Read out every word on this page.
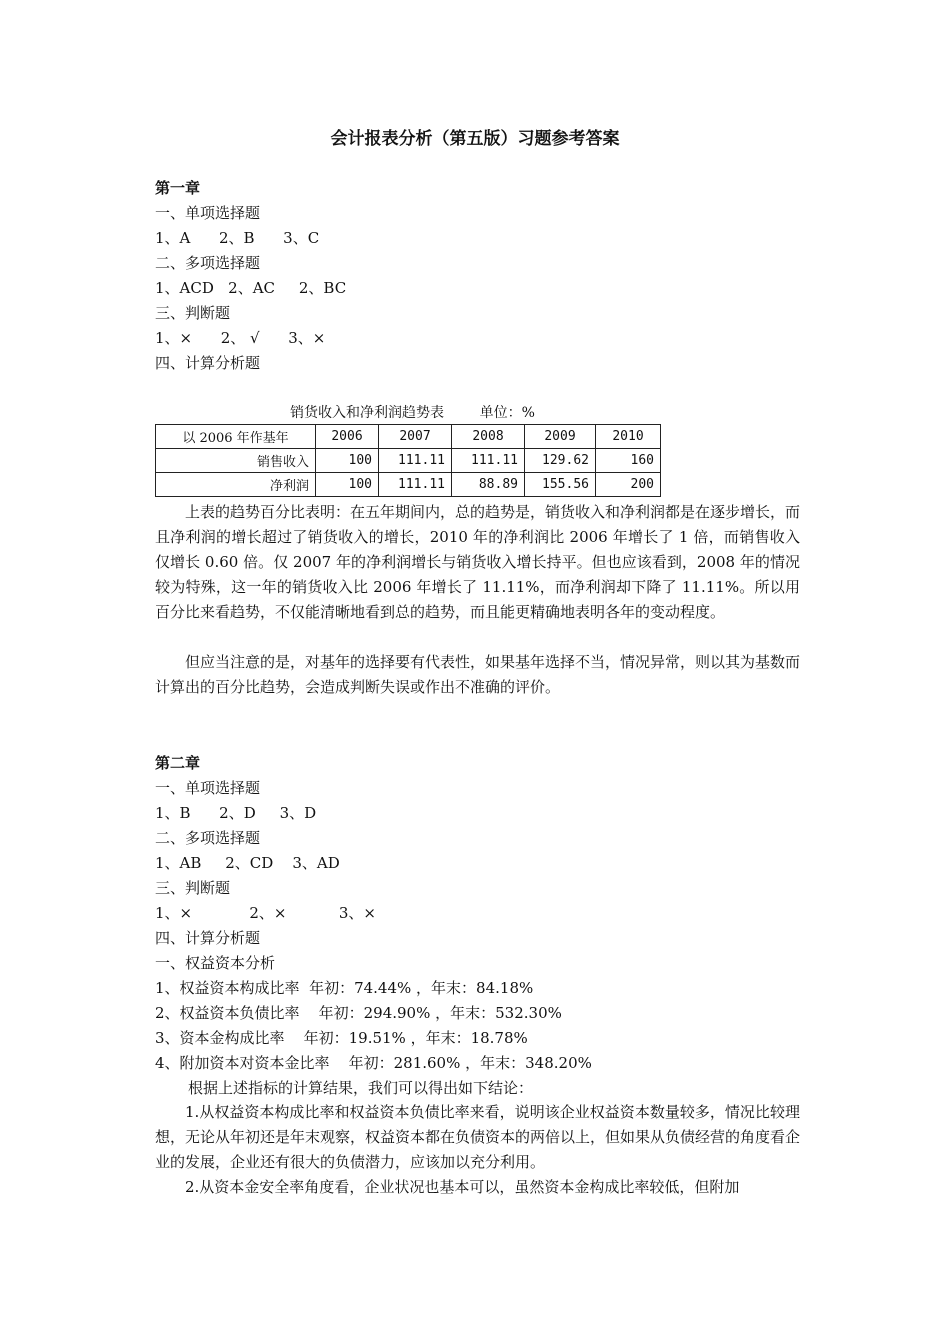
会计报表分析（第五版）习题参考答案
第一章
一、单项选择题
1、A      2、B      3、C
二、多项选择题
1、ACD   2、AC     2、BC
三、判断题
1、×      2、 √      3、×
四、计算分析题
销货收入和净利润趋势表        单位：%
以 2006 年作基年	2006	2007	2008	2009	2010
销售收入	100	111.11	111.11	129.62	160
净利润	100	111.11	88.89	155.56	200
上表的趋势百分比表明：在五年期间内，总的趋势是，销货收入和净利润都是在逐步增长，而且净利润的增长超过了销货收入的增长，2010 年的净利润比 2006 年增长了 1 倍，而销售收入仅增长 0.60 倍。仅 2007 年的净利润增长与销货收入增长持平。但也应该看到，2008 年的情况较为特殊，这一年的销货收入比 2006 年增长了 11.11%，而净利润却下降了 11.11%。所以用百分比来看趋势，不仅能清晰地看到总的趋势，而且能更精确地表明各年的变动程度。
但应当注意的是，对基年的选择要有代表性，如果基年选择不当，情况异常，则以其为基数而计算出的百分比趋势，会造成判断失误或作出不准确的评价。
第二章
一、单项选择题
1、B      2、D     3、D
二、多项选择题
1、AB     2、CD    3、AD
三、判断题
1、×            2、×           3、×
四、计算分析题
一、权益资本分析
1、权益资本构成比率  年初：74.44% ，年末：84.18%
2、权益资本负债比率    年初：294.90% ，年末：532.30%
3、资本金构成比率    年初：19.51% ，年末：18.78%
4、附加资本对资本金比率    年初：281.60% ，年末：348.20%
根据上述指标的计算结果，我们可以得出如下结论：
1.从权益资本构成比率和权益资本负债比率来看，说明该企业权益资本数量较多，情况比较理想，无论从年初还是年末观察，权益资本都在负债资本的两倍以上，但如果从负债经营的角度看企业的发展，企业还有很大的负债潜力，应该加以充分利用。
2.从资本金安全率角度看，企业状况也基本可以，虽然资本金构成比率较低，但附加
